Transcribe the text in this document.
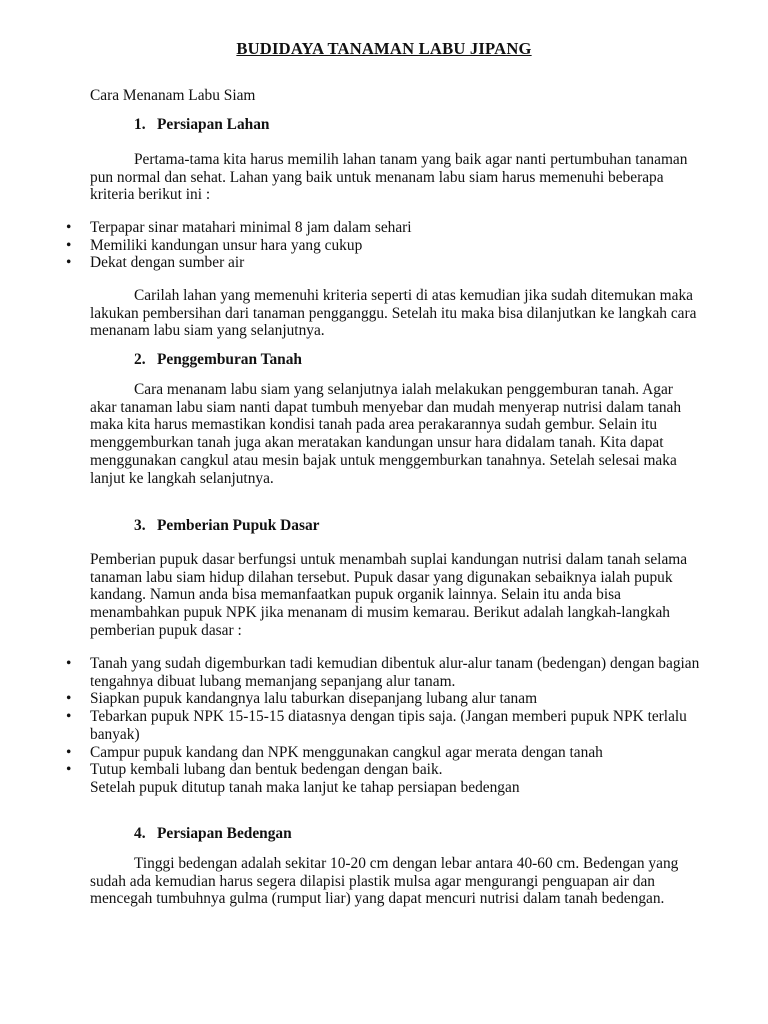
BUDIDAYA TANAMAN LABU JIPANG

Cara Menanam Labu Siam

1. Persiapan Lahan

Pertama-tama kita harus memilih lahan tanam yang baik agar nanti pertumbuhan tanaman pun normal dan sehat. Lahan yang baik untuk menanam labu siam harus memenuhi beberapa kriteria berikut ini :

• Terpapar sinar matahari minimal 8 jam dalam sehari
• Memiliki kandungan unsur hara yang cukup
• Dekat dengan sumber air

Carilah lahan yang memenuhi kriteria seperti di atas kemudian jika sudah ditemukan maka lakukan pembersihan dari tanaman pengganggu. Setelah itu maka bisa dilanjutkan ke langkah cara menanam labu siam yang selanjutnya.

2. Penggemburan Tanah

Cara menanam labu siam yang selanjutnya ialah melakukan penggemburan tanah. Agar akar tanaman labu siam nanti dapat tumbuh menyebar dan mudah menyerap nutrisi dalam tanah maka kita harus memastikan kondisi tanah pada area perakarannya sudah gembur. Selain itu menggemburkan tanah juga akan meratakan kandungan unsur hara didalam tanah. Kita dapat menggunakan cangkul atau mesin bajak untuk menggemburkan tanahnya. Setelah selesai maka lanjut ke langkah selanjutnya.

3. Pemberian Pupuk Dasar

Pemberian pupuk dasar berfungsi untuk menambah suplai kandungan nutrisi dalam tanah selama tanaman labu siam hidup dilahan tersebut. Pupuk dasar yang digunakan sebaiknya ialah pupuk kandang. Namun anda bisa memanfaatkan pupuk organik lainnya. Selain itu anda bisa menambahkan pupuk NPK jika menanam di musim kemarau. Berikut adalah langkah-langkah pemberian pupuk dasar :

• Tanah yang sudah digemburkan tadi kemudian dibentuk alur-alur tanam (bedengan) dengan bagian tengahnya dibuat lubang memanjang sepanjang alur tanam.
• Siapkan pupuk kandangnya lalu taburkan disepanjang lubang alur tanam
• Tebarkan pupuk NPK 15-15-15 diatasnya dengan tipis saja. (Jangan memberi pupuk NPK terlalu banyak)
• Campur pupuk kandang dan NPK menggunakan cangkul agar merata dengan tanah
• Tutup kembali lubang dan bentuk bedengan dengan baik.

Setelah pupuk ditutup tanah maka lanjut ke tahap persiapan bedengan

4. Persiapan Bedengan

Tinggi bedengan adalah sekitar 10-20 cm dengan lebar antara 40-60 cm. Bedengan yang sudah ada kemudian harus segera dilapisi plastik mulsa agar mengurangi penguapan air dan mencegah tumbuhnya gulma (rumput liar) yang dapat mencuri nutrisi dalam tanah bedengan.
